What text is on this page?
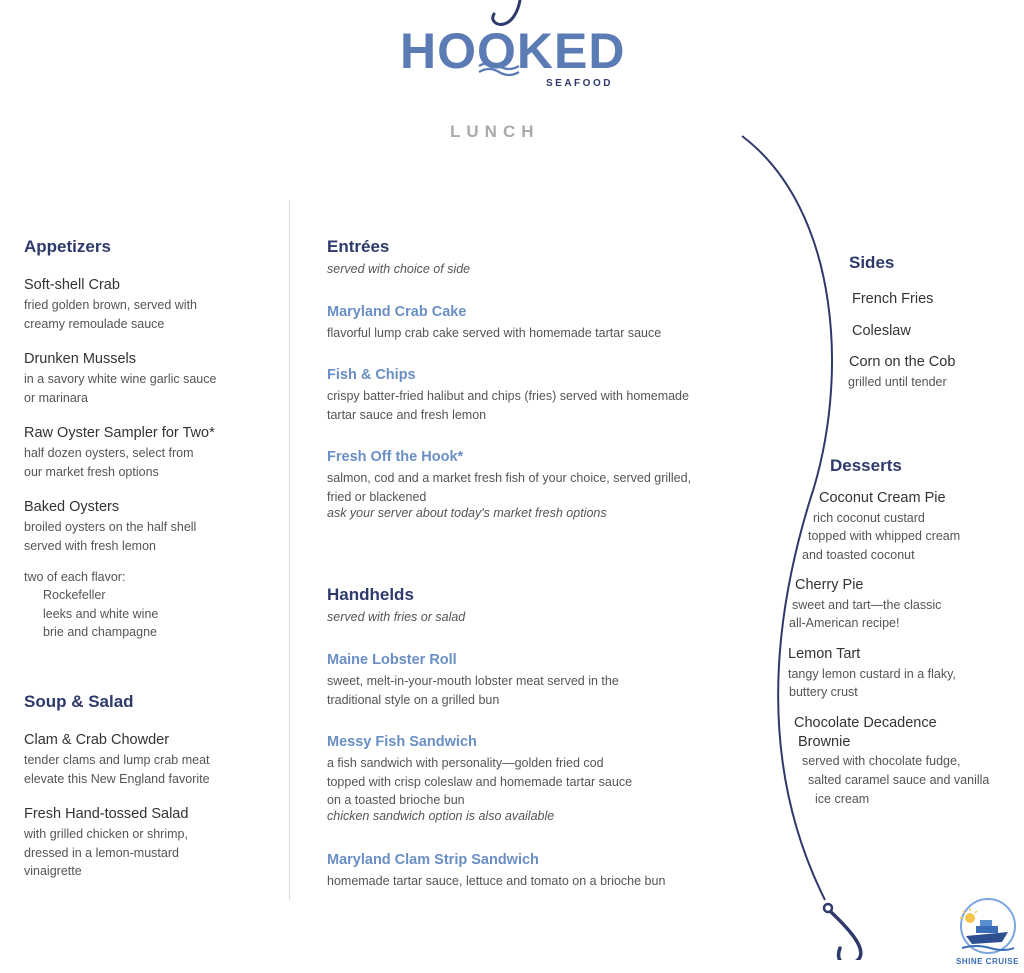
HOOKED
SEAFOOD
LUNCH
Appetizers
Soft-shell Crab
fried golden brown, served with
creamy remoulade sauce
Drunken Mussels
in a savory white wine garlic sauce
or marinara
Raw Oyster Sampler for Two*
half dozen oysters, select from
our market fresh options
Baked Oysters
broiled oysters on the half shell
served with fresh lemon
two of each flavor:
Rockefeller
leeks and white wine
brie and champagne
Soup & Salad
Clam & Crab Chowder
tender clams and lump crab meat
elevate this New England favorite
Fresh Hand-tossed Salad
with grilled chicken or shrimp,
dressed in a lemon-mustard
vinaigrette
Entrées
served with choice of side
Maryland Crab Cake
flavorful lump crab cake served with homemade tartar sauce
Fish & Chips
crispy batter-fried halibut and chips (fries) served with homemade
tartar sauce and fresh lemon
Fresh Off the Hook*
salmon, cod and a market fresh fish of your choice, served grilled,
fried or blackened
ask your server about today's market fresh options
Handhelds
served with fries or salad
Maine Lobster Roll
sweet, melt-in-your-mouth lobster meat served in the
traditional style on a grilled bun
Messy Fish Sandwich
a fish sandwich with personality—golden fried cod
topped with crisp coleslaw and homemade tartar sauce
on a toasted brioche bun
chicken sandwich option is also available
Maryland Clam Strip Sandwich
homemade tartar sauce, lettuce and tomato on a brioche bun
Sides
French Fries
Coleslaw
Corn on the Cob
grilled until tender
Desserts
Coconut Cream Pie
rich coconut custard
topped with whipped cream
and toasted coconut
Cherry Pie
sweet and tart—the classic
all-American recipe!
Lemon Tart
tangy lemon custard in a flaky,
buttery crust
Chocolate Decadence
Brownie
served with chocolate fudge,
salted caramel sauce and vanilla
ice cream
SHINE CRUISE
